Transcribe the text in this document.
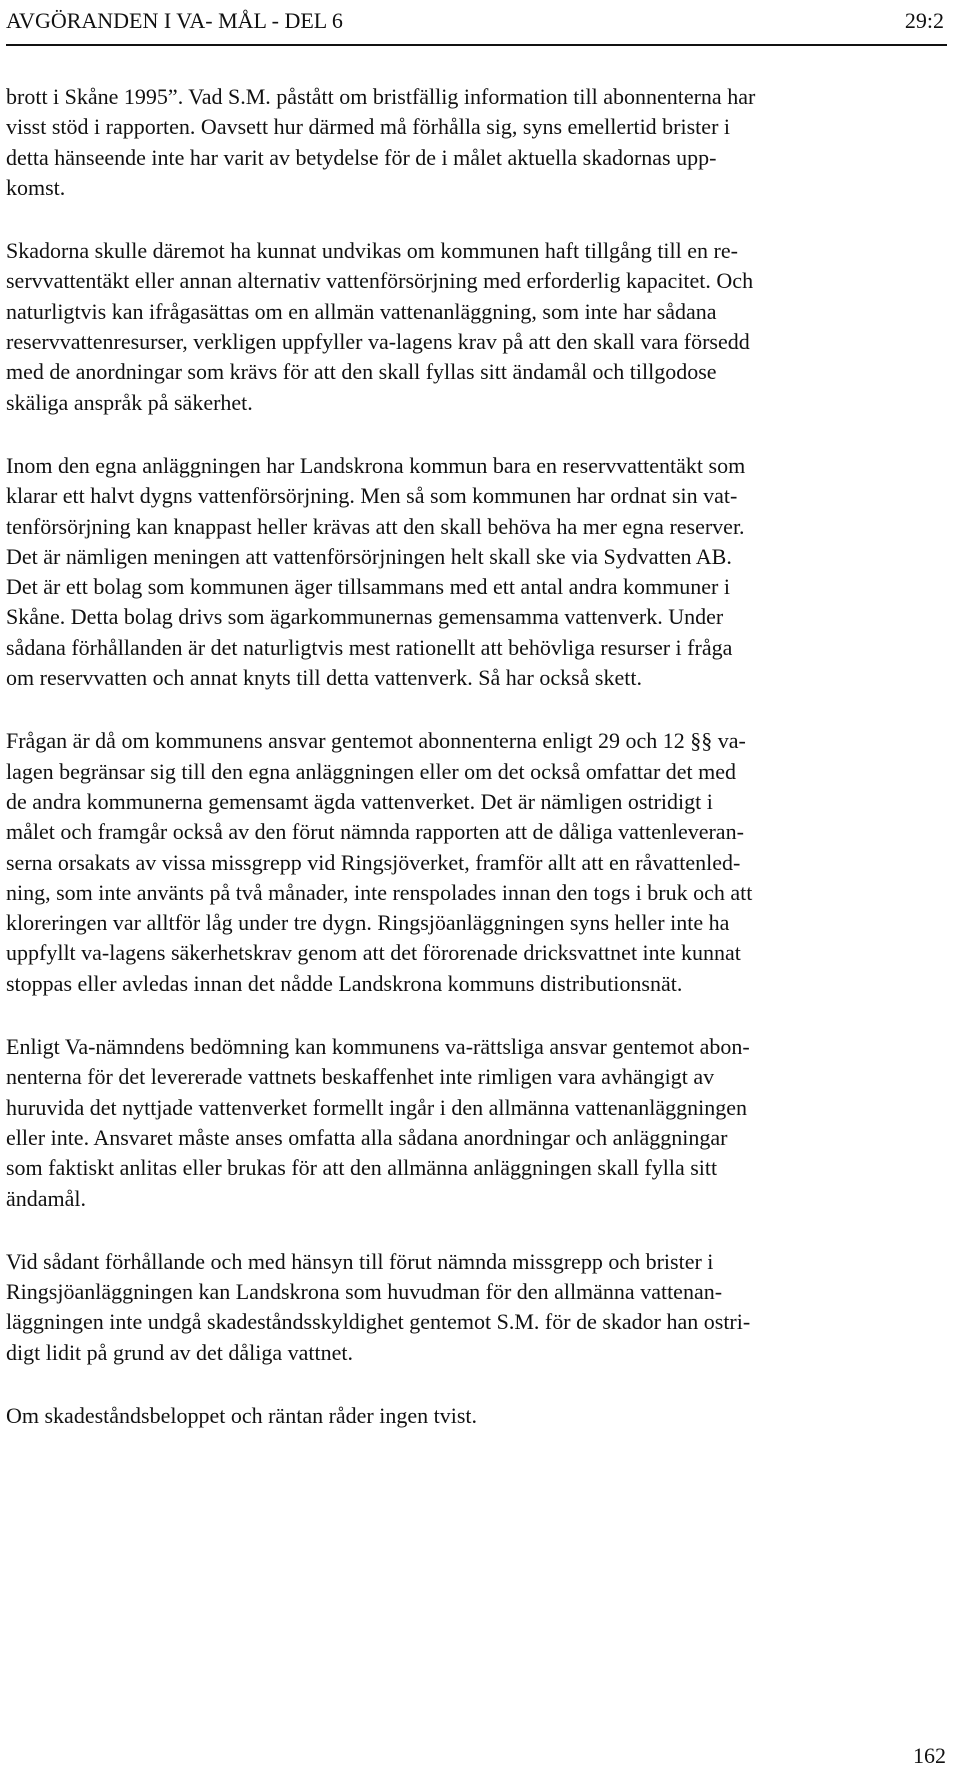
AVGÖRANDEN I VA- MÅL - DEL 6	29:2

brott i Skåne 1995”. Vad S.M. påstått om bristfällig information till abonnenterna har
visst stöd i rapporten. Oavsett hur därmed må förhålla sig, syns emellertid brister i
detta hänseende inte har varit av betydelse för de i målet aktuella skadornas upp-
komst.

Skadorna skulle däremot ha kunnat undvikas om kommunen haft tillgång till en re-
servvattentäkt eller annan alternativ vattenförsörjning med erforderlig kapacitet. Och
naturligtvis kan ifrågasättas om en allmän vattenanläggning, som inte har sådana
reservvattenresurser, verkligen uppfyller va-lagens krav på att den skall vara försedd
med de anordningar som krävs för att den skall fyllas sitt ändamål och tillgodose
skäliga anspråk på säkerhet.

Inom den egna anläggningen har Landskrona kommun bara en reservvattentäkt som
klarar ett halvt dygns vattenförsörjning. Men så som kommunen har ordnat sin vat-
tenförsörjning kan knappast heller krävas att den skall behöva ha mer egna reserver.
Det är nämligen meningen att vattenförsörjningen helt skall ske via Sydvatten AB.
Det är ett bolag som kommunen äger tillsammans med ett antal andra kommuner i
Skåne. Detta bolag drivs som ägarkommunernas gemensamma vattenverk. Under
sådana förhållanden är det naturligtvis mest rationellt att behövliga resurser i fråga
om reservvatten och annat knyts till detta vattenverk. Så har också skett.

Frågan är då om kommunens ansvar gentemot abonnenterna enligt 29 och 12 §§ va-
lagen begränsar sig till den egna anläggningen eller om det också omfattar det med
de andra kommunerna gemensamt ägda vattenverket. Det är nämligen ostridigt i
målet och framgår också av den förut nämnda rapporten att de dåliga vattenleveran-
serna orsakats av vissa missgrepp vid Ringsjöverket, framför allt att en råvattenled-
ning, som inte använts på två månader, inte renspolades innan den togs i bruk och att
kloreringen var alltför låg under tre dygn. Ringsjöanläggningen syns heller inte ha
uppfyllt va-lagens säkerhetskrav genom att det förorenade dricksvattnet inte kunnat
stoppas eller avledas innan det nådde Landskrona kommuns distributionsnät.

Enligt Va-nämndens bedömning kan kommunens va-rättsliga ansvar gentemot abon-
nenterna för det levererade vattnets beskaffenhet inte rimligen vara avhängigt av
huruvida det nyttjade vattenverket formellt ingår i den allmänna vattenanläggningen
eller inte. Ansvaret måste anses omfatta alla sådana anordningar och anläggningar
som faktiskt anlitas eller brukas för att den allmänna anläggningen skall fylla sitt
ändamål.

Vid sådant förhållande och med hänsyn till förut nämnda missgrepp och brister i
Ringsjöanläggningen kan Landskrona som huvudman för den allmänna vattenan-
läggningen inte undgå skadeståndsskyldighet gentemot S.M. för de skador han ostri-
digt lidit på grund av det dåliga vattnet.

Om skadeståndsbeloppet och räntan råder ingen tvist.

162
